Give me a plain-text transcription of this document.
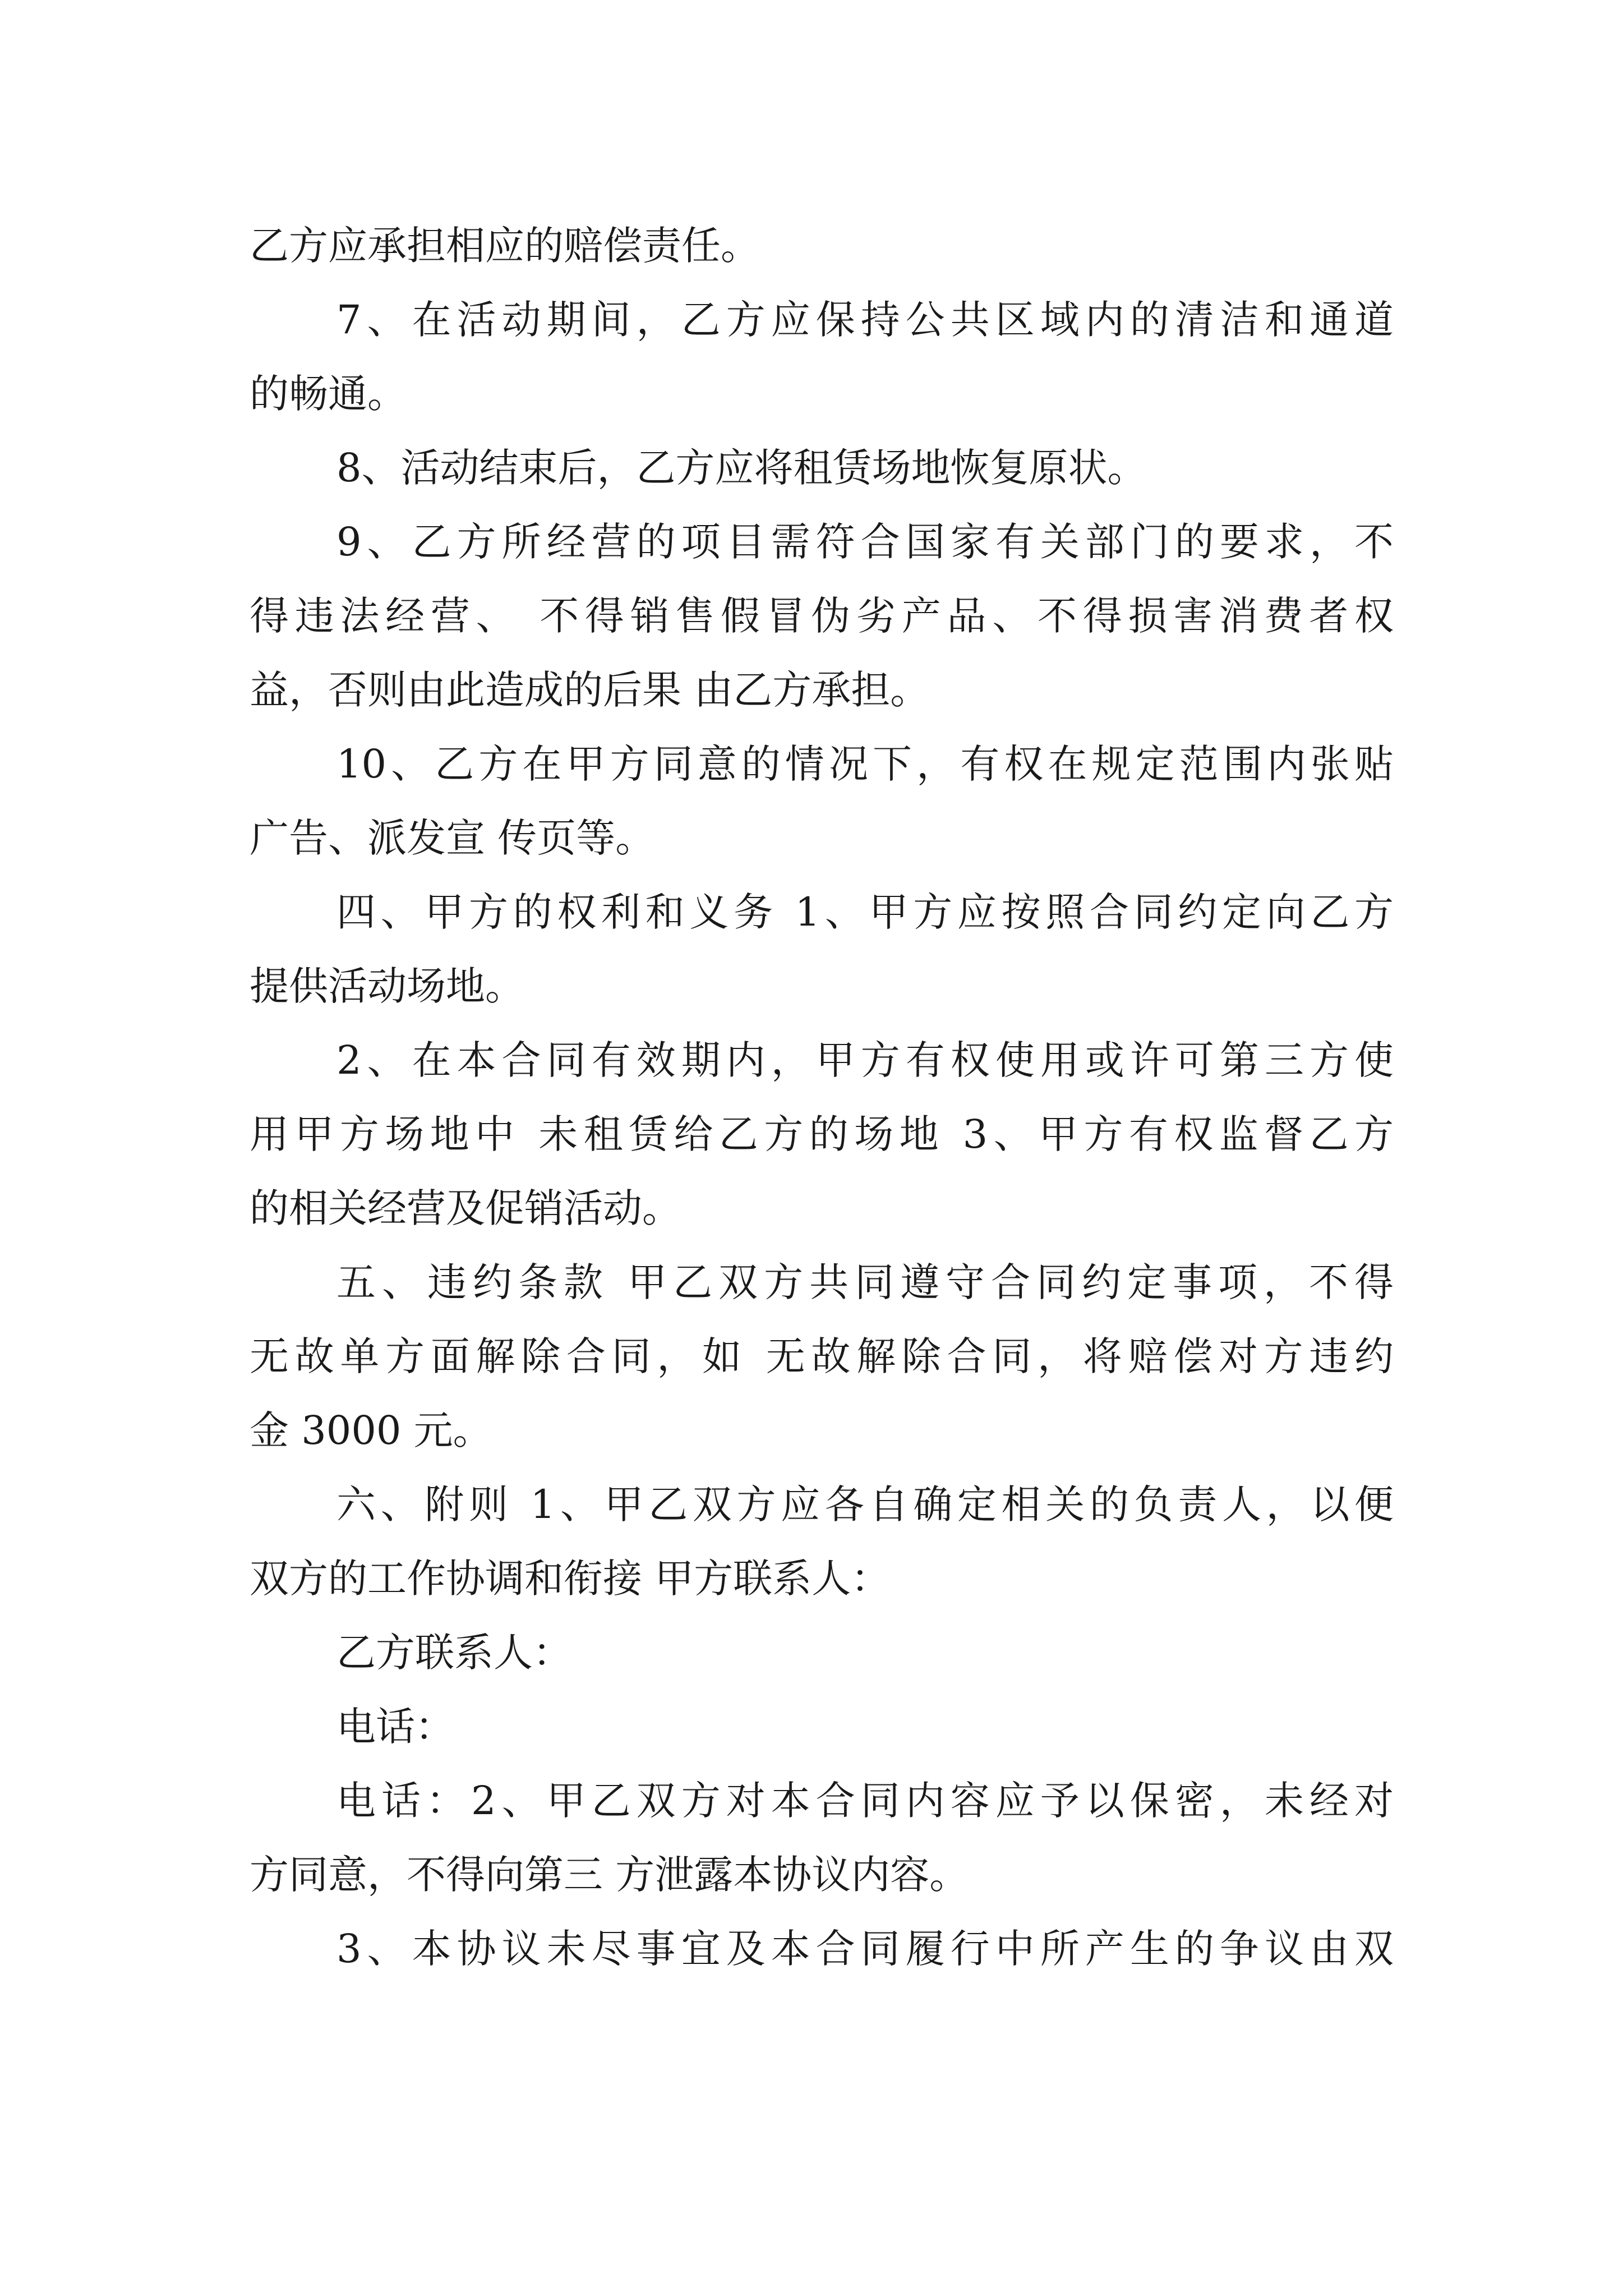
乙方应承担相应的赔偿责任。
7、在活动期间，乙方应保持公共区域内的清洁和通道
的畅通。
8、活动结束后，乙方应将租赁场地恢复原状。
9、乙方所经营的项目需符合国家有关部门的要求，不
得违法经营、 不得销售假冒伪劣产品、不得损害消费者权
益，否则由此造成的后果 由乙方承担。
10、乙方在甲方同意的情况下，有权在规定范围内张贴
广告、派发宣 传页等。
四、甲方的权利和义务 1、甲方应按照合同约定向乙方
提供活动场地。
2、在本合同有效期内，甲方有权使用或许可第三方使
用甲方场地中 未租赁给乙方的场地 3、甲方有权监督乙方
的相关经营及促销活动。
五、违约条款 甲乙双方共同遵守合同约定事项，不得
无故单方面解除合同，如 无故解除合同，将赔偿对方违约
金 3000 元。
六、附则 1、甲乙双方应各自确定相关的负责人，以便
双方的工作协调和衔接 甲方联系人：
乙方联系人：
电话：
电话：2、甲乙双方对本合同内容应予以保密，未经对
方同意，不得向第三 方泄露本协议内容。
3、本协议未尽事宜及本合同履行中所产生的争议由双
